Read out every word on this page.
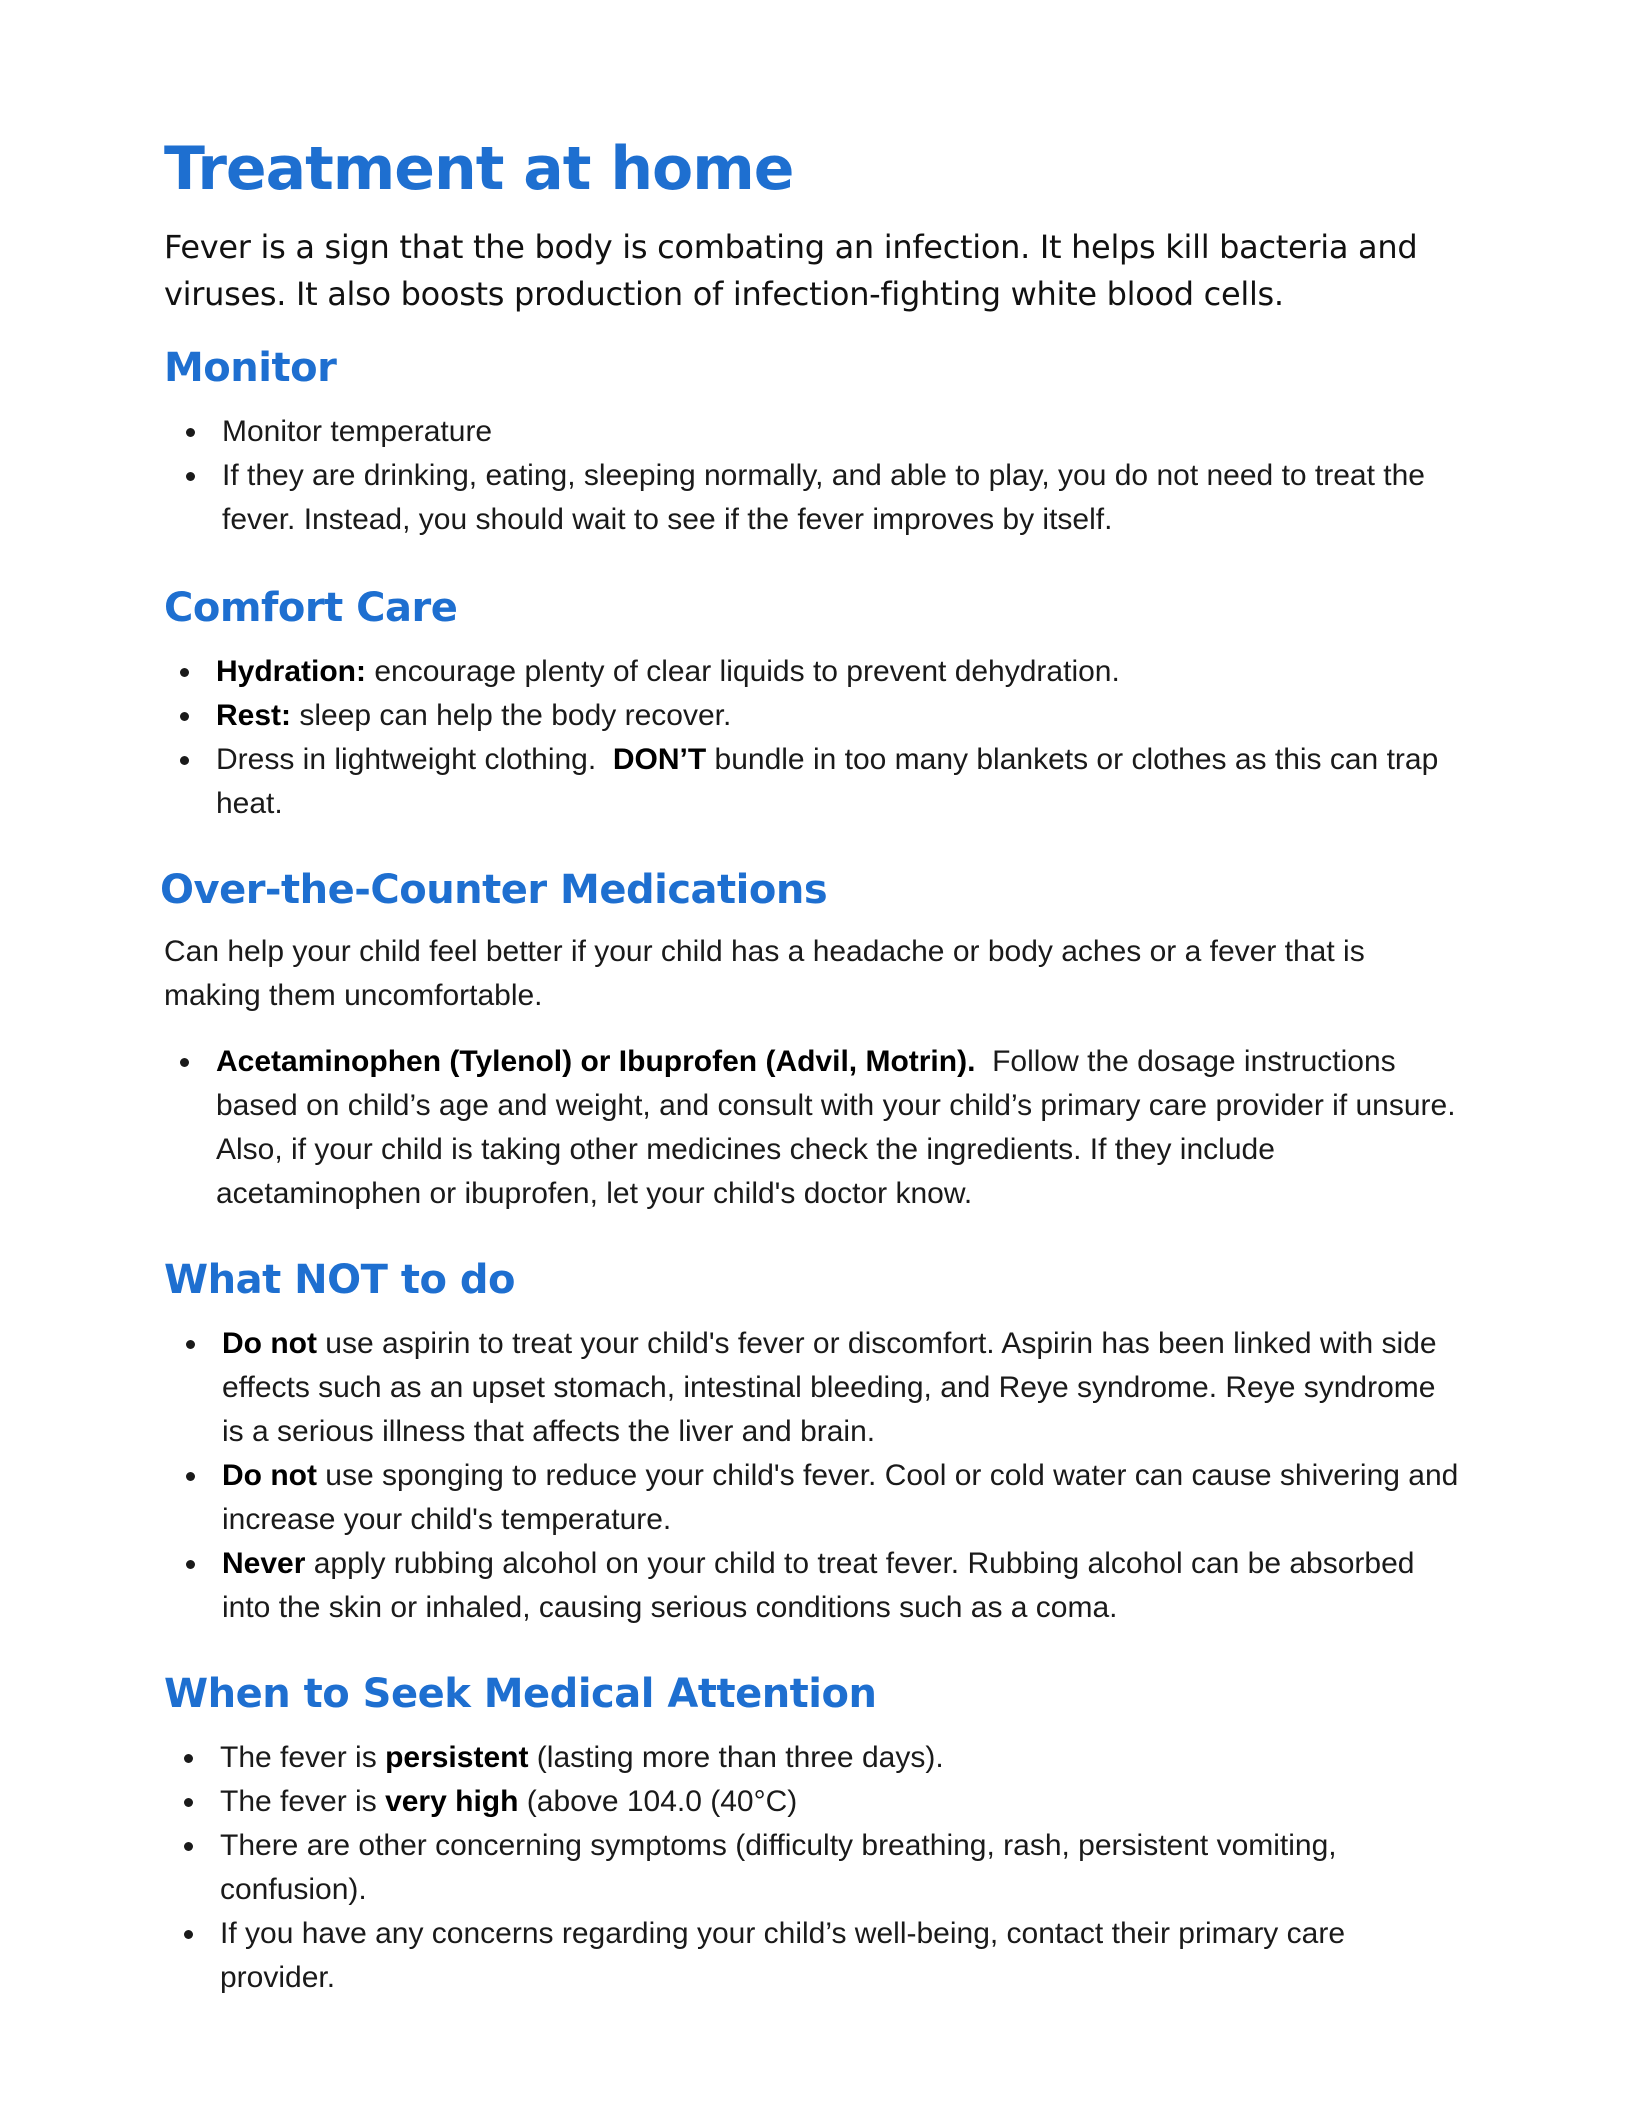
Treatment at home

Fever is a sign that the body is combating an infection. It helps kill bacteria and viruses. It also boosts production of infection-fighting white blood cells.

Monitor
Monitor temperature
If they are drinking, eating, sleeping normally, and able to play, you do not need to treat the fever. Instead, you should wait to see if the fever improves by itself.
Comfort Care
Hydration: encourage plenty of clear liquids to prevent dehydration.
Rest: sleep can help the body recover.
Dress in lightweight clothing.  DON’T bundle in too many blankets or clothes as this can trap heat.
Over-the-Counter Medications

Can help your child feel better if your child has a headache or body aches or a fever that is making them uncomfortable.

Acetaminophen (Tylenol) or Ibuprofen (Advil, Motrin).  Follow the dosage instructions based on child’s age and weight, and consult with your child’s primary care provider if unsure.  Also, if your child is taking other medicines check the ingredients. If they include acetaminophen or ibuprofen, let your child's doctor know.
What NOT to do
Do not use aspirin to treat your child's fever or discomfort. Aspirin has been linked with side effects such as an upset stomach, intestinal bleeding, and Reye syndrome. Reye syndrome is a serious illness that affects the liver and brain.
Do not use sponging to reduce your child's fever. Cool or cold water can cause shivering and increase your child's temperature.
Never apply rubbing alcohol on your child to treat fever. Rubbing alcohol can be absorbed into the skin or inhaled, causing serious conditions such as a coma.
When to Seek Medical Attention
The fever is persistent (lasting more than three days).
The fever is very high (above 104.0 (40°C)
There are other concerning symptoms (difficulty breathing, rash, persistent vomiting, confusion).
If you have any concerns regarding your child’s well-being, contact their primary care provider.
